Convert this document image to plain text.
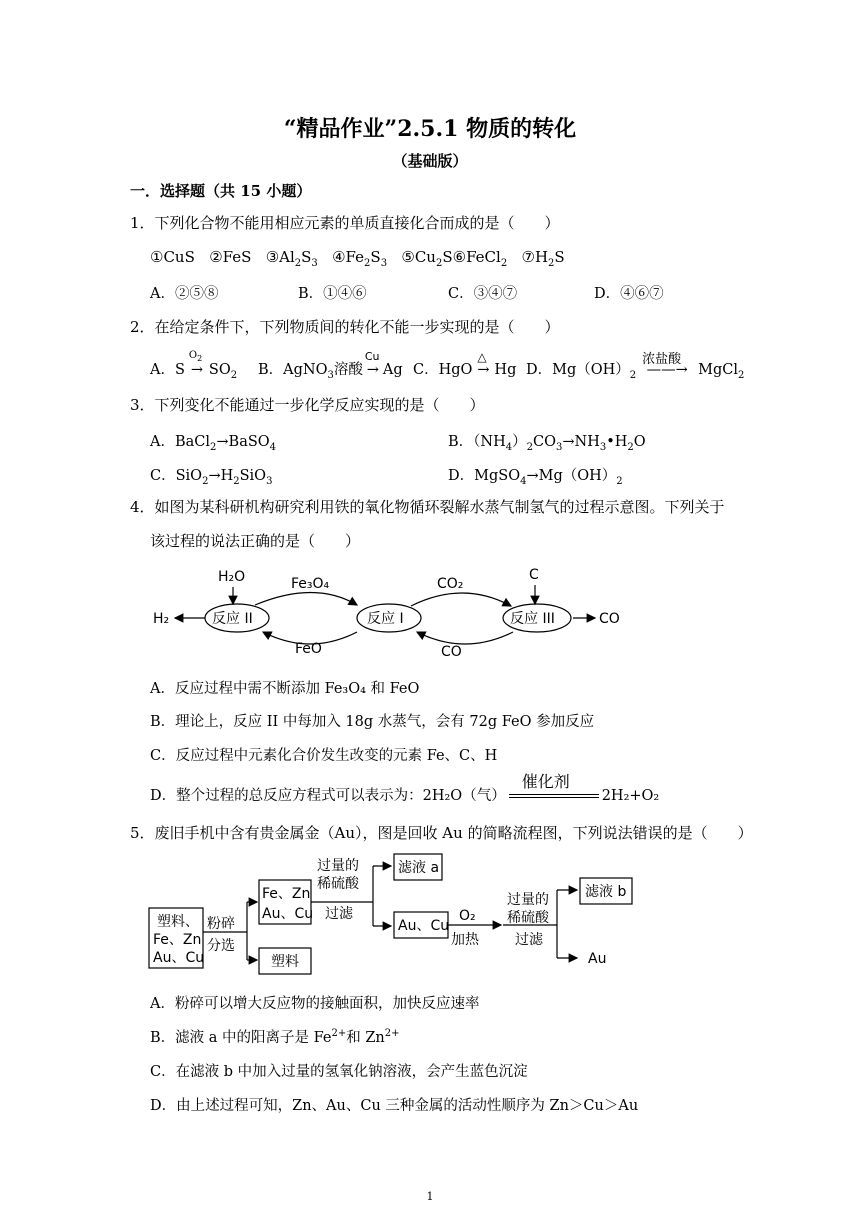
“精品作业”2.5.1 物质的转化
（基础版）
一．选择题（共 15 小题）
1．下列化合物不能用相应元素的单质直接化合而成的是（　　）
①CuS ②FeS $③Al_2S_3$ $④Fe_2S_3$ $⑤Cu_2S⑥FeCl_2$ $⑦H_2S$
A．②⑤⑧	B．①④⑥	C．③④⑦	D．④⑥⑦
2．在给定条件下，下列物质间的转化不能一步实现的是（　　）
A．S
$O_2$
→ $SO_2$ B．AgNO$_3$溶酸
Cu
→ Ag C．HgO
△
→ Hg D．$Mg(OH)_2$
浓盐酸
——→ MgCl$_2$
3．下列变化不能通过一步化学反应实现的是（　　）
A．BaCl$_2$→BaSO$_4$	B．$(NH_4)_2CO_3\to NH_3•H_2O$
C．$SiO_2\to H_2SiO_3$	D．$MgSO_4\to Mg(OH)_2$
4．如图为某科研机构研究利用铁的氧化物循环裂解水蒸气制氢气的过程示意图。下列关于
该过程的说法正确的是（　　）
H₂O	Fe₃O₄	CO₂
C
H₂	反应 II	反应 I	反应 III	CO
FeO	CO
A．反应过程中需不断添加 Fe₃O₄ 和 FeO
B．理论上，反应 II 中每加入 18g 水蒸气，会有 72g FeO 参加反应
C．反应过程中元素化合价发生改变的元素 Fe、C、H
D．整个过程的总反应方程式可以表示为：2H₂O（气）
催化剂
2H₂+O₂
5．废旧手机中含有贵金属金（Au），图是回收 Au 的简略流程图，下列说法错误的是（　　）
塑料、
Fe、Zn
Au、Cu
粉碎
分选
Fe、Zn
Au、Cu
塑料
过量的
稀硫酸
过滤
滤液 a
Au、Cu
O₂
加热
过量的
稀硫酸
过滤
滤液 b
Au
A．粉碎可以增大反应物的接触面积，加快反应速率
B．滤液 a 中的阳离子是 $Fe^{2+}$和 $Zn^{2+}$
C．在滤液 b 中加入过量的氢氧化钠溶液，会产生蓝色沉淀
D．由上述过程可知，Zn、Au、Cu 三种金属的活动性顺序为 Zn＞Cu＞Au
1
